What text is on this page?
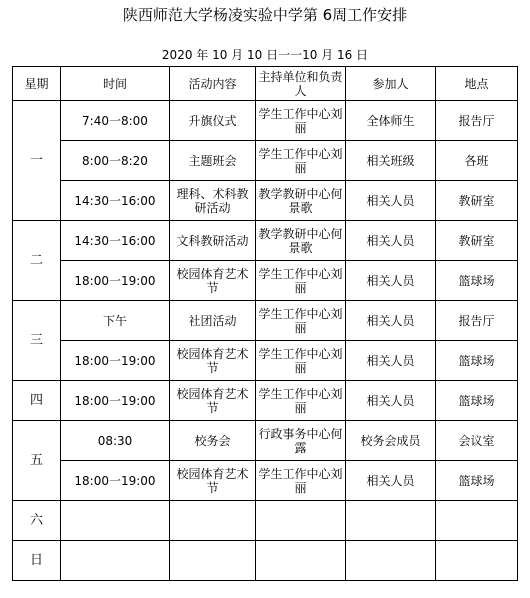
陕西师范大学杨凌实验中学第 6周工作安排
2020 年 10 月 10 日一一10 月 16 日
星期	时间	活动内容	主持单位和负责人	参加人	地点
一	7:40一8:00	升旗仪式	学生工作中心刘丽	全体师生	报告厅
	8:00一8:20	主题班会	学生工作中心刘丽	相关班级	各班
	14:30一16:00	理科、术科教研活动	教学教研中心何景歌	相关人员	教研室
二	14:30一16:00	文科教研活动	教学教研中心何景歌	相关人员	教研室
	18:00一19:00	校园体育艺术节	学生工作中心刘丽	相关人员	篮球场
三	下午	社团活动	学生工作中心刘丽	相关人员	报告厅
	18:00一19:00	校园体育艺术节	学生工作中心刘丽	相关人员	篮球场
四	18:00一19:00	校园体育艺术节	学生工作中心刘丽	相关人员	篮球场
五	08:30	校务会	行政事务中心何露	校务会成员	会议室
	18:00一19:00	校园体育艺术节	学生工作中心刘丽	相关人员	篮球场
六					
日					
